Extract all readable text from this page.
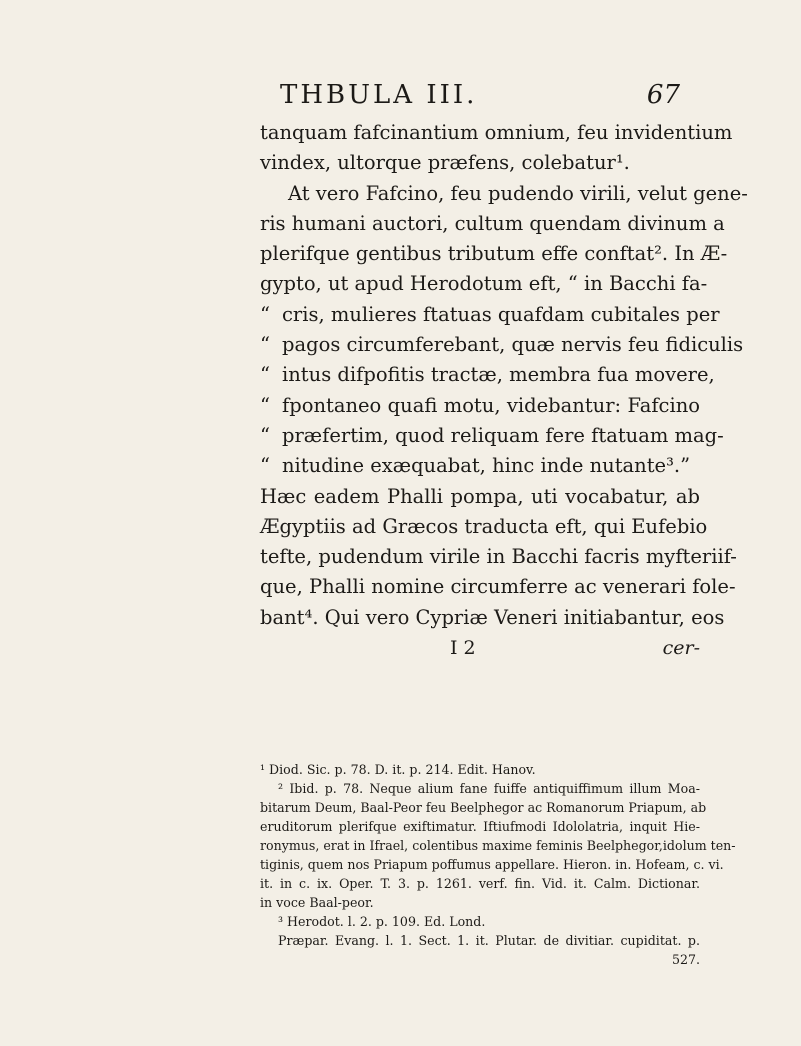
THBULA III.	67
tanquam fafcinantium omnium, feu invidentium
vindex, ultorque præfens, colebatur¹.
At vero Fafcino, feu pudendo virili, velut gene-
ris humani auctori, cultum quendam divinum a
plerifque gentibus tributum effe conftat². In Æ-
gypto, ut apud Herodotum eft, “ in Bacchi fa-
“ cris, mulieres ftatuas quafdam cubitales per
“ pagos circumferebant, quæ nervis feu fidiculis
“ intus difpofitis tractæ, membra fua movere,
“ fpontaneo quafi motu, videbantur: Fafcino
“ præfertim, quod reliquam fere ftatuam mag-
“ nitudine exæquabat, hinc inde nutante³.”
Hæc eadem Phalli pompa, uti vocabatur, ab
Ægyptiis ad Græcos traducta eft, qui Eufebio
tefte, pudendum virile in Bacchi facris myfteriif-
que, Phalli nomine circumferre ac venerari fole-
bant⁴. Qui vero Cypriæ Veneri initiabantur, eos
I 2	cer-
¹ Diod. Sic. p. 78. D. it. p. 214. Edit. Hanov.
² Ibid. p. 78. Neque alium fane fuiffe antiquiffimum illum Moa-
bitarum Deum, Baal-Peor feu Beelphegor ac Romanorum Priapum, ab
eruditorum plerifque exiftimatur. Iftiufmodi Idololatria, inquit Hie-
ronymus, erat in Ifrael, colentibus maxime feminis Beelphegor,idolum ten-
tiginis, quem nos Priapum poffumus appellare. Hieron. in. Hofeam, c. vi.
it. in c. ix. Oper. T. 3. p. 1261. verf. fin. Vid. it. Calm. Dictionar.
in voce Baal-peor.
³ Herodot. l. 2. p. 109. Ed. Lond.
Præpar. Evang. l. 1. Sect. 1. it. Plutar. de divitiar. cupiditat. p.
527.
